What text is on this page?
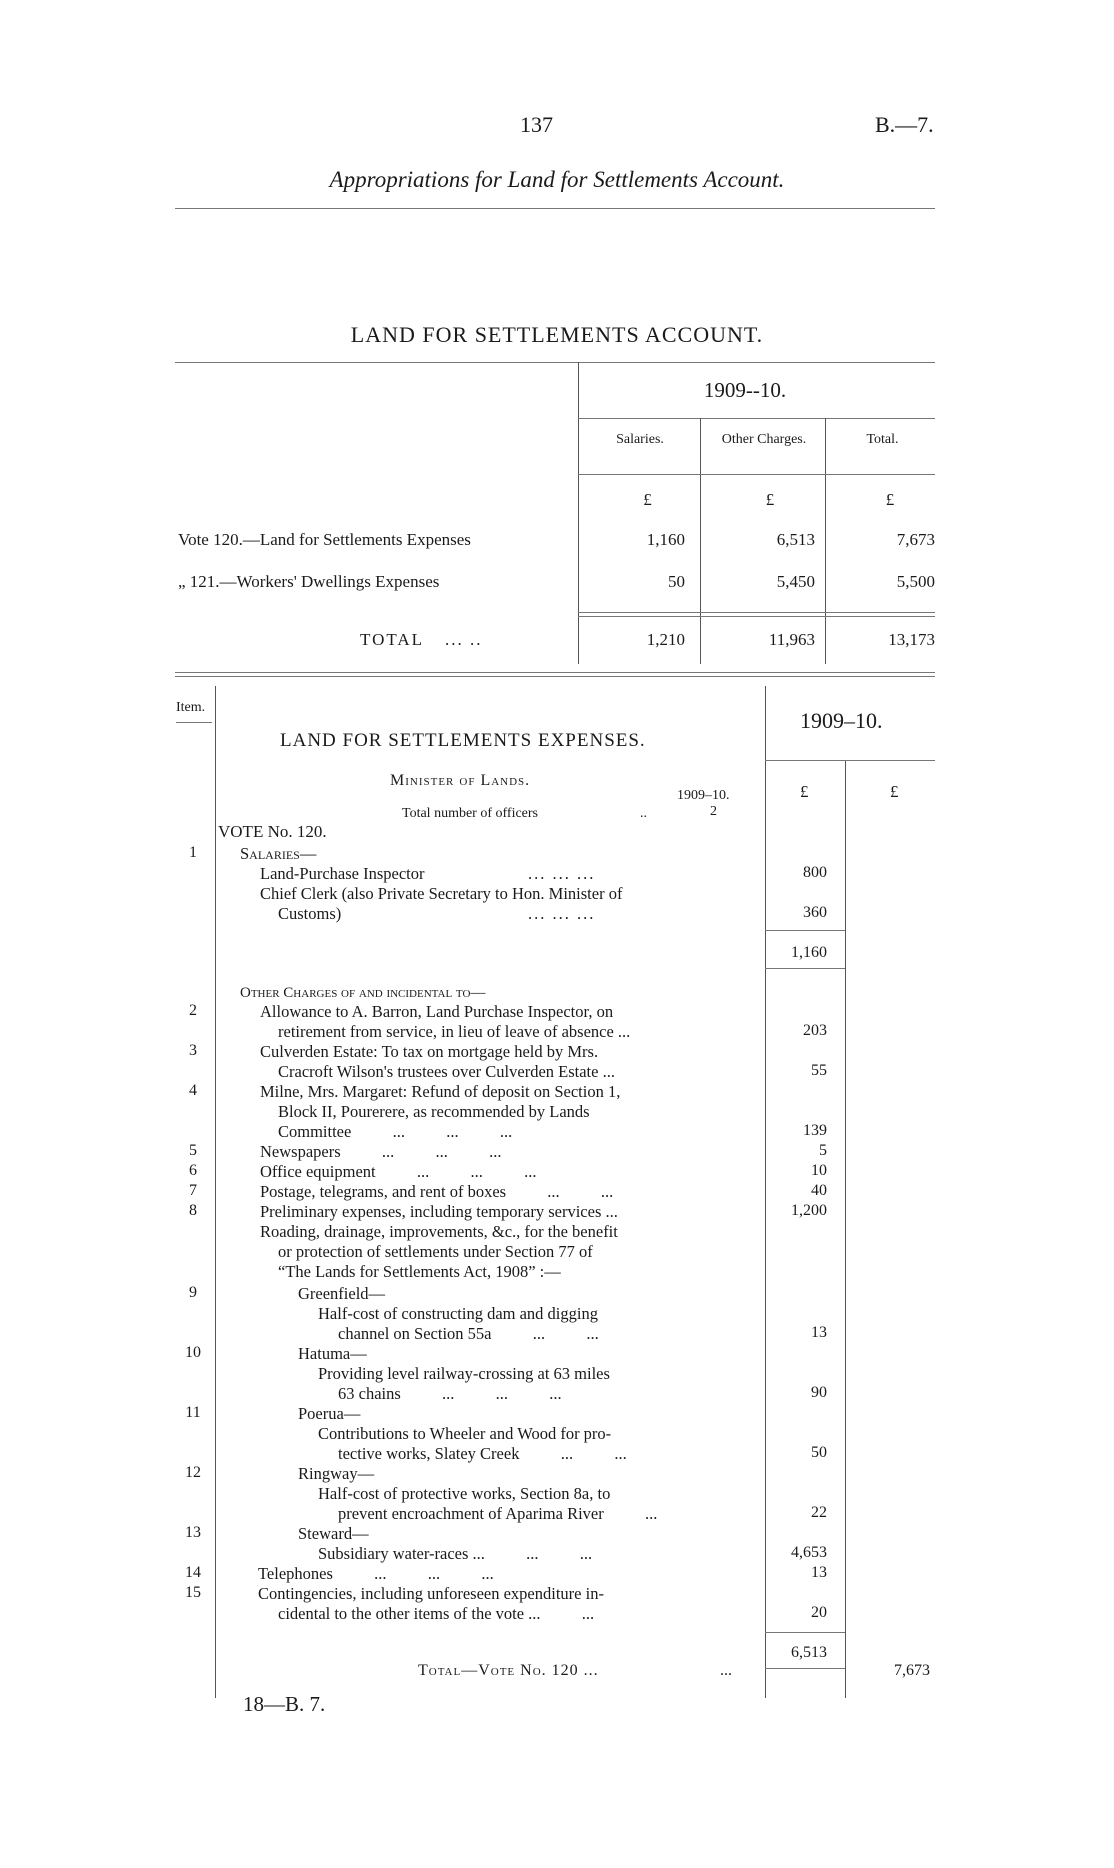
137	B.—7.
Appropriations for Land for Settlements Account.
LAND FOR SETTLEMENTS ACCOUNT.
1909--10.
Salaries.	Other Charges.	Total.
£	£	£
Vote 120.—Land for Settlements Expenses	1,160	6,513	7,673
„ 121.—Workers' Dwellings Expenses	50	5,450	5,500
TOTAL ... ..	1,210	11,963	13,173
Item.
LAND FOR SETTLEMENTS EXPENSES.
1909–10.
£	£
Minister of Lands.
1909–10.
Total number of officers	..	2
VOTE No. 120.
1	Salaries—
Land-Purchase Inspector	... ... ...	800
Chief Clerk (also Private Secretary to Hon. Minister of
Customs)	... ... ...	360
1,160
Other Charges of and incidental to—
2	Allowance to A. Barron, Land Purchase Inspector, on
retirement from service, in lieu of leave of absence ...	203
3	Culverden Estate: To tax on mortgage held by Mrs.
Cracroft Wilson's trustees over Culverden Estate ...	55
4	Milne, Mrs. Margaret: Refund of deposit on Section 1,
Block II, Pourerere, as recommended by Lands
Committee          ...          ...          ...	139
5	Newspapers          ...          ...          ...	5
6	Office equipment          ...          ...          ...	10
7	Postage, telegrams, and rent of boxes          ...          ...	40
8	Preliminary expenses, including temporary services ...	1,200
Roading, drainage, improvements, &c., for the benefit
or protection of settlements under Section 77 of
“The Lands for Settlements Act, 1908” :—
9	Greenfield—
Half-cost of constructing dam and digging
channel on Section 55a          ...          ...	13
10	Hatuma—
Providing level railway-crossing at 63 miles
63 chains          ...          ...          ...	90
11	Poerua—
Contributions to Wheeler and Wood for pro-
tective works, Slatey Creek          ...          ...	50
12	Ringway—
Half-cost of protective works, Section 8a, to
prevent encroachment of Aparima River          ...	22
13	Steward—
Subsidiary water-races ...          ...          ...	4,653
14	Telephones          ...          ...          ...	13
15	Contingencies, including unforeseen expenditure in-
cidental to the other items of the vote ...          ...	20
6,513
Total—Vote No. 120 ...	...	7,673
18—B. 7.
